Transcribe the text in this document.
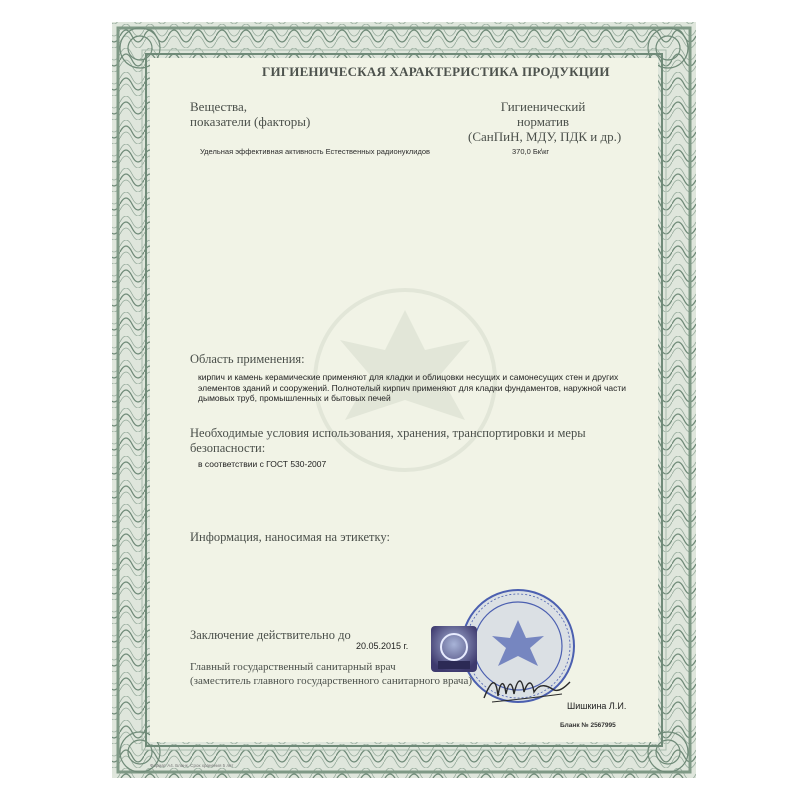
ГИГИЕНИЧЕСКАЯ ХАРАКТЕРИСТИКА ПРОДУКЦИИ
Вещества,
показатели (факторы)
Гигиенический
норматив
(СанПиН, МДУ, ПДК и др.)
Удельная эффективная активность Естественных радионуклидов	370,0 Бк\кг
Область применения:
кирпич и камень керамические применяют для кладки и облицовки несущих и самонесущих стен и других элементов зданий и сооружений. Полнотелый кирпич применяют для кладки фундаментов, наружной части дымовых труб, промышленных и бытовых печей
Необходимые условия использования, хранения, транспортировки и меры безопасности:
в соответствии с ГОСТ 530-2007
Информация, наносимая на этикетку:
Заключение действительно до
20.05.2015 г.
Главный государственный санитарный врач
(заместитель главного государственного санитарного врача)
Шишкина Л.И.
Бланк № 2567995
Формат А4. Бланк. Срок хранения 5 лет
